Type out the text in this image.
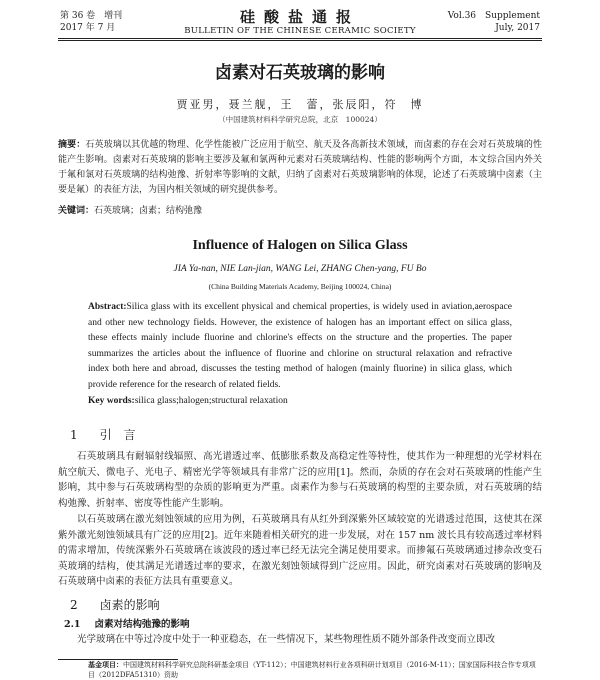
第 36 卷　增刊
2017 年 7 月
硅酸盐通报
BULLETIN OF THE CHINESE CERAMIC SOCIETY
Vol.36　Supplement
July, 2017
卤素对石英玻璃的影响
贾亚男，聂兰舰，王　蕾，张辰阳，符　博
（中国建筑材料科学研究总院，北京　100024）
摘要：石英玻璃以其优越的物理、化学性能被广泛应用于航空、航天及各高新技术领域，而卤素的存在会对石英玻璃的性能产生影响。卤素对石英玻璃的影响主要涉及氟和氯两种元素对石英玻璃结构、性能的影响两个方面，本文综合国内外关于氟和氯对石英玻璃的结构弛豫、折射率等影响的文献，归纳了卤素对石英玻璃影响的体现，论述了石英玻璃中卤素（主要是氟）的表征方法，为国内相关领域的研究提供参考。
关键词：石英玻璃；卤素；结构弛豫
Influence of Halogen on Silica Glass
JIA Ya-nan, NIE Lan-jian, WANG Lei, ZHANG Chen-yang, FU Bo
(China Building Materials Academy, Beijing 100024, China)
Abstract:Silica glass with its excellent physical and chemical properties, is widely used in aviation,aerospace and other new technology fields. However, the existence of halogen has an important effect on silica glass, these effects mainly include fluorine and chlorine's effects on the structure and the properties. The paper summarizes the articles about the influence of fluorine and chlorine on structural relaxation and refractive index both here and abroad, discusses the testing method of halogen (mainly fluorine) in silica glass, which provide reference for the research of related fields.
Key words:silica glass;halogen;structural relaxation
1 引　言
石英玻璃具有耐辐射线辐照、高光谱透过率、低膨胀系数及高稳定性等特性，使其作为一种理想的光学材料在航空航天、微电子、光电子、精密光学等领域具有非常广泛的应用[1]。然而，杂质的存在会对石英玻璃的性能产生影响，其中参与石英玻璃构型的杂质的影响更为严重。卤素作为参与石英玻璃的构型的主要杂质，对石英玻璃的结构弛豫、折射率、密度等性能产生影响。
以石英玻璃在激光刻蚀领域的应用为例，石英玻璃具有从红外到深紫外区域较宽的光谱透过范围，这使其在深紫外激光刻蚀领域具有广泛的应用[2]。近年来随着相关研究的进一步发展，对在 157 nm 波长具有较高透过率材料的需求增加，传统深紫外石英玻璃在该波段的透过率已经无法完全满足使用要求。而掺氟石英玻璃通过掺杂改变石英玻璃的结构，使其满足光谱透过率的要求，在激光刻蚀领域得到广泛应用。因此，研究卤素对石英玻璃的影响及石英玻璃中卤素的表征方法具有重要意义。
2 卤素的影响
2.1 卤素对结构弛豫的影响
光学玻璃在中等过冷度中处于一种亚稳态，在一些情况下，某些物理性质不随外部条件改变而立即改
基金项目：中国建筑材料科学研究总院科研基金项目（YT-112）；中国建筑材料行业各项科研计划项目（2016-M-11）；国家国际科技合作专项项目（2012DFA51310）资助
